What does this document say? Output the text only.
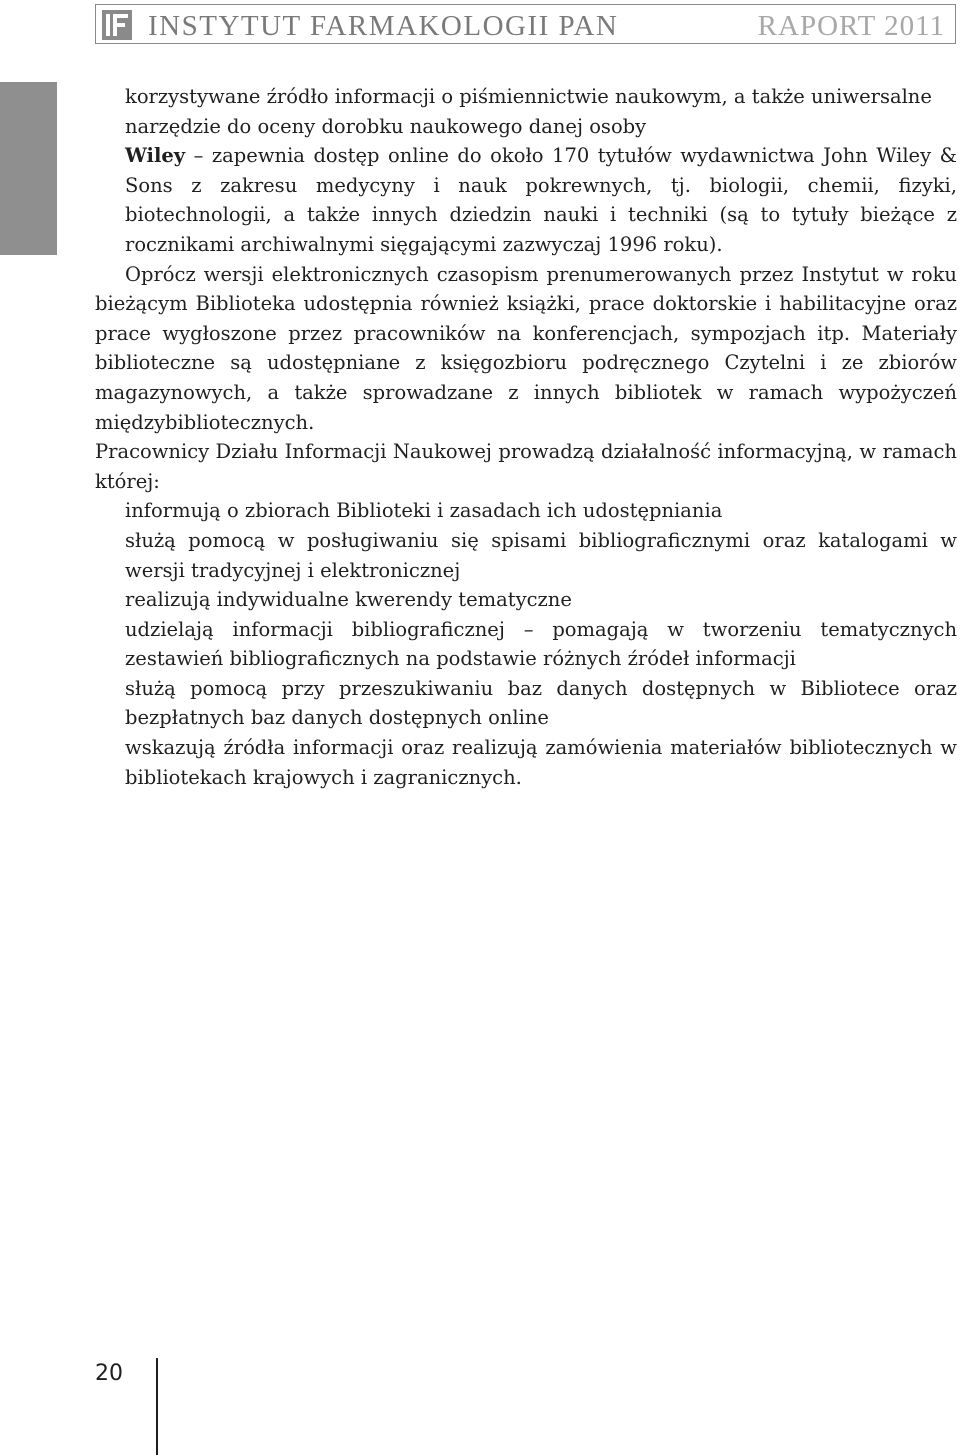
INSTYTUT FARMAKOLOGII PAN	RAPORT 2011

korzystywane źródło informacji o piśmiennictwie naukowym, a także uniwersalne

narzędzie do oceny dorobku naukowego danej osoby

Wiley – zapewnia dostęp online do około 170 tytułów wydawnictwa John Wiley & Sons z zakresu medycyny i nauk pokrewnych, tj. biologii, chemii, fizyki, biotechnologii, a także innych dziedzin nauki i techniki (są to tytuły bieżące z rocznikami archiwalnymi sięgającymi zazwyczaj 1996 roku).

Oprócz wersji elektronicznych czasopism prenumerowanych przez Instytut w roku bieżącym Biblioteka udostępnia również książki, prace doktorskie i habilitacyjne oraz prace wygłoszone przez pracowników na konferencjach, sympozjach itp. Materiały biblioteczne są udostępniane z księgozbioru podręcznego Czytelni i ze zbiorów magazynowych, a także sprowadzane z innych bibliotek w ramach wypożyczeń międzybibliotecznych.

Pracownicy Działu Informacji Naukowej prowadzą działalność informacyjną, w ramach której:

informują o zbiorach Biblioteki i zasadach ich udostępniania

służą pomocą w posługiwaniu się spisami bibliograficznymi oraz katalogami w wersji tradycyjnej i elektronicznej

realizują indywidualne kwerendy tematyczne

udzielają informacji bibliograficznej – pomagają w tworzeniu tematycznych zestawień bibliograficznych na podstawie różnych źródeł informacji

służą pomocą przy przeszukiwaniu baz danych dostępnych w Bibliotece oraz bezpłatnych baz danych dostępnych online

wskazują źródła informacji oraz realizują zamówienia materiałów bibliotecznych w bibliotekach krajowych i zagranicznych.

20
